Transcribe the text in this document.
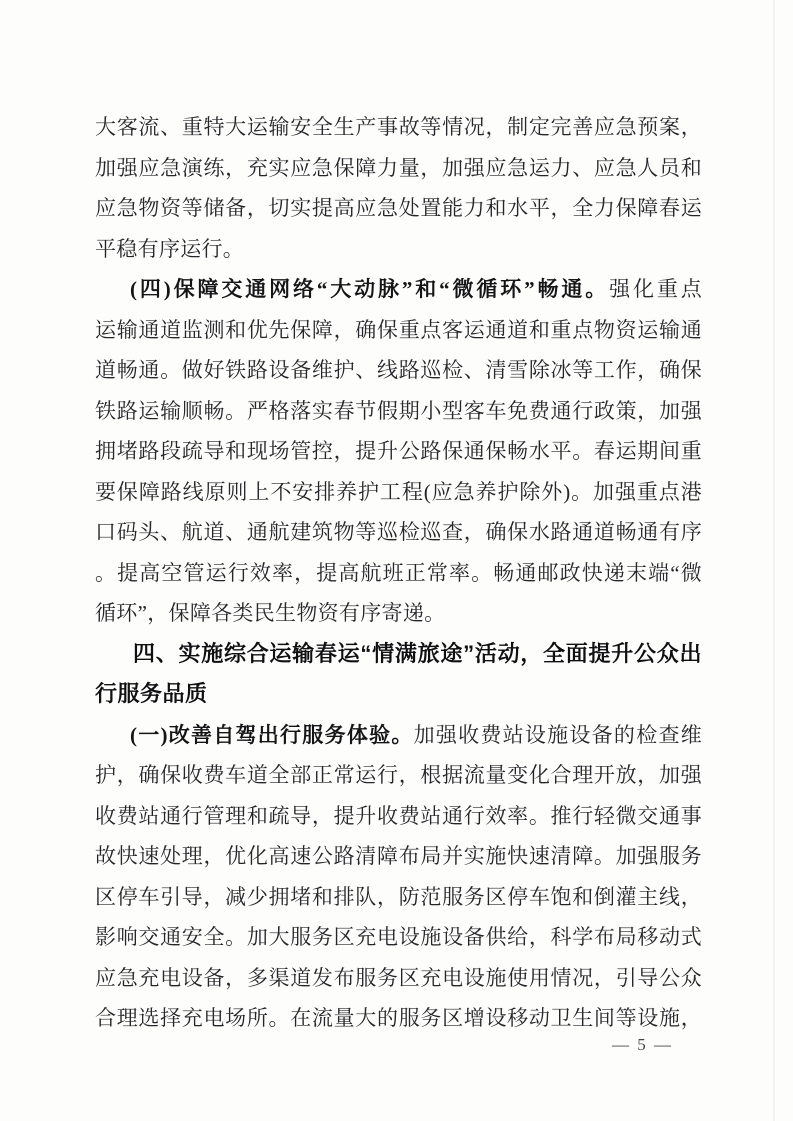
大客流、重特大运输安全生产事故等情况，制定完善应急预案，
加强应急演练，充实应急保障力量，加强应急运力、应急人员和
应急物资等储备，切实提高应急处置能力和水平，全力保障春运
平稳有序运行。
(四)保障交通网络“大动脉”和“微循环”畅通。强化重点
运输通道监测和优先保障，确保重点客运通道和重点物资运输通
道畅通。做好铁路设备维护、线路巡检、清雪除冰等工作，确保
铁路运输顺畅。严格落实春节假期小型客车免费通行政策，加强
拥堵路段疏导和现场管控，提升公路保通保畅水平。春运期间重
要保障路线原则上不安排养护工程(应急养护除外)。加强重点港
口码头、航道、通航建筑物等巡检巡查，确保水路通道畅通有序
。提高空管运行效率，提高航班正常率。畅通邮政快递末端“微
循环”，保障各类民生物资有序寄递。
四、实施综合运输春运“情满旅途”活动，全面提升公众出
行服务品质
(一)改善自驾出行服务体验。加强收费站设施设备的检查维
护，确保收费车道全部正常运行，根据流量变化合理开放，加强
收费站通行管理和疏导，提升收费站通行效率。推行轻微交通事
故快速处理，优化高速公路清障布局并实施快速清障。加强服务
区停车引导，减少拥堵和排队，防范服务区停车饱和倒灌主线，
影响交通安全。加大服务区充电设施设备供给，科学布局移动式
应急充电设备，多渠道发布服务区充电设施使用情况，引导公众
合理选择充电场所。在流量大的服务区增设移动卫生间等设施，
— 5 —
